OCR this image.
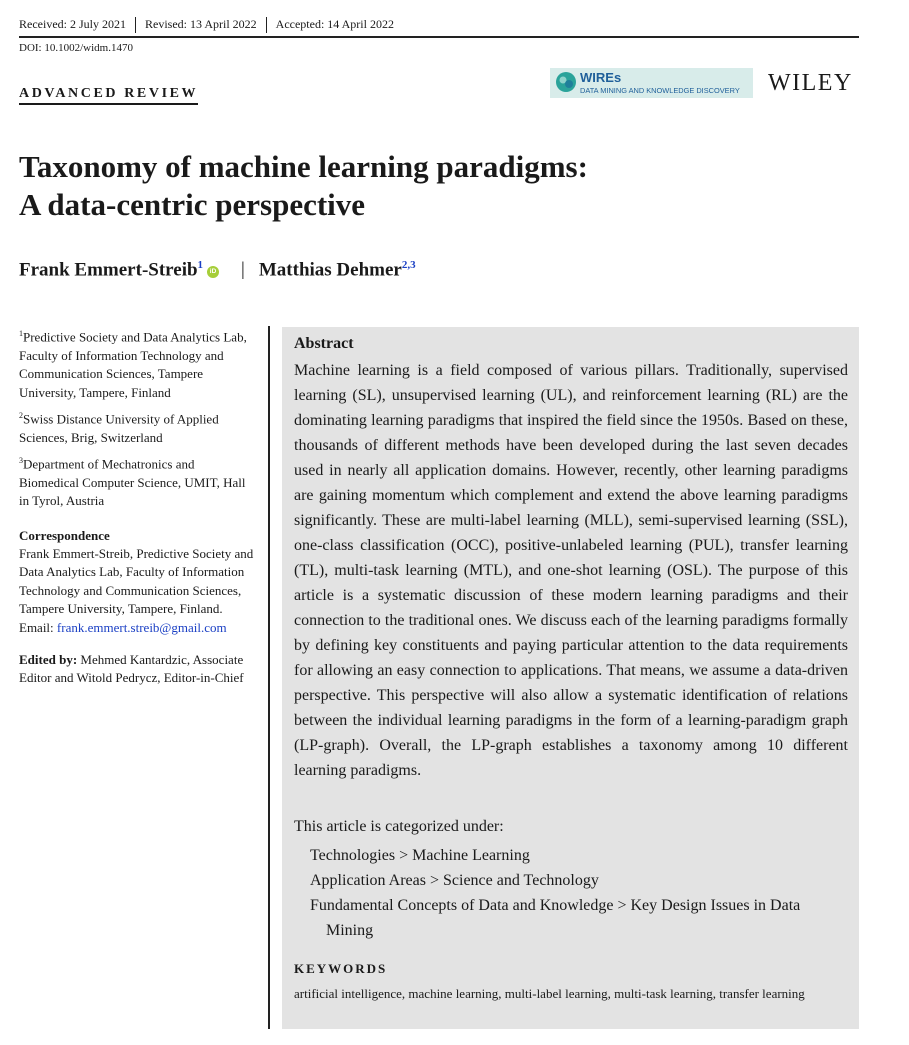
Received: 2 July 2021 Revised: 13 April 2022 Accepted: 14 April 2022
DOI: 10.1002/widm.1470
ADVANCED REVIEW
WIREs
DATA MINING AND KNOWLEDGE DISCOVERY WILEY
Taxonomy of machine learning paradigms:
A data-centric perspective
Frank Emmert-Streib$^1$iD | Matthias Dehmer$^{2,3}$

$^1$Predictive Society and Data Analytics Lab, Faculty of Information Technology and Communication Sciences, Tampere University, Tampere, Finland

$^2$Swiss Distance University of Applied Sciences, Brig, Switzerland

$^3$Department of Mechatronics and Biomedical Computer Science, UMIT, Hall in Tyrol, Austria

Correspondence

Frank Emmert-Streib, Predictive Society and Data Analytics Lab, Faculty of Information Technology and Communication Sciences, Tampere University, Tampere, Finland.
Email: frank.emmert.streib@gmail.com

Edited by: Mehmed Kantardzic, Associate Editor and Witold Pedrycz, Editor-in-Chief

Abstract

Machine learning is a field composed of various pillars. Traditionally, supervised learning (SL), unsupervised learning (UL), and reinforcement learning (RL) are the dominating learning paradigms that inspired the field since the 1950s. Based on these, thousands of different methods have been developed during the last seven decades used in nearly all application domains. However, recently, other learning paradigms are gaining momentum which complement and extend the above learning paradigms significantly. These are multi-label learning (MLL), semi-supervised learning (SSL), one-class classification (OCC), positive-unlabeled learning (PUL), transfer learning (TL), multi-task learning (MTL), and one-shot learning (OSL). The purpose of this article is a systematic discussion of these modern learning paradigms and their connection to the traditional ones. We discuss each of the learning paradigms formally by defining key constituents and paying particular attention to the data requirements for allowing an easy connection to applications. That means, we assume a data-driven perspective. This perspective will also allow a systematic identification of relations between the individual learning paradigms in the form of a learning-paradigm graph (LP-graph). Overall, the LP-graph establishes a taxonomy among 10 different learning paradigms.

This article is categorized under:
Technologies > Machine Learning
Application Areas > Science and Technology
Fundamental Concepts of Data and Knowledge > Key Design Issues in Data Mining
KEYWORDS

artificial intelligence, machine learning, multi-label learning, multi-task learning, transfer learning
